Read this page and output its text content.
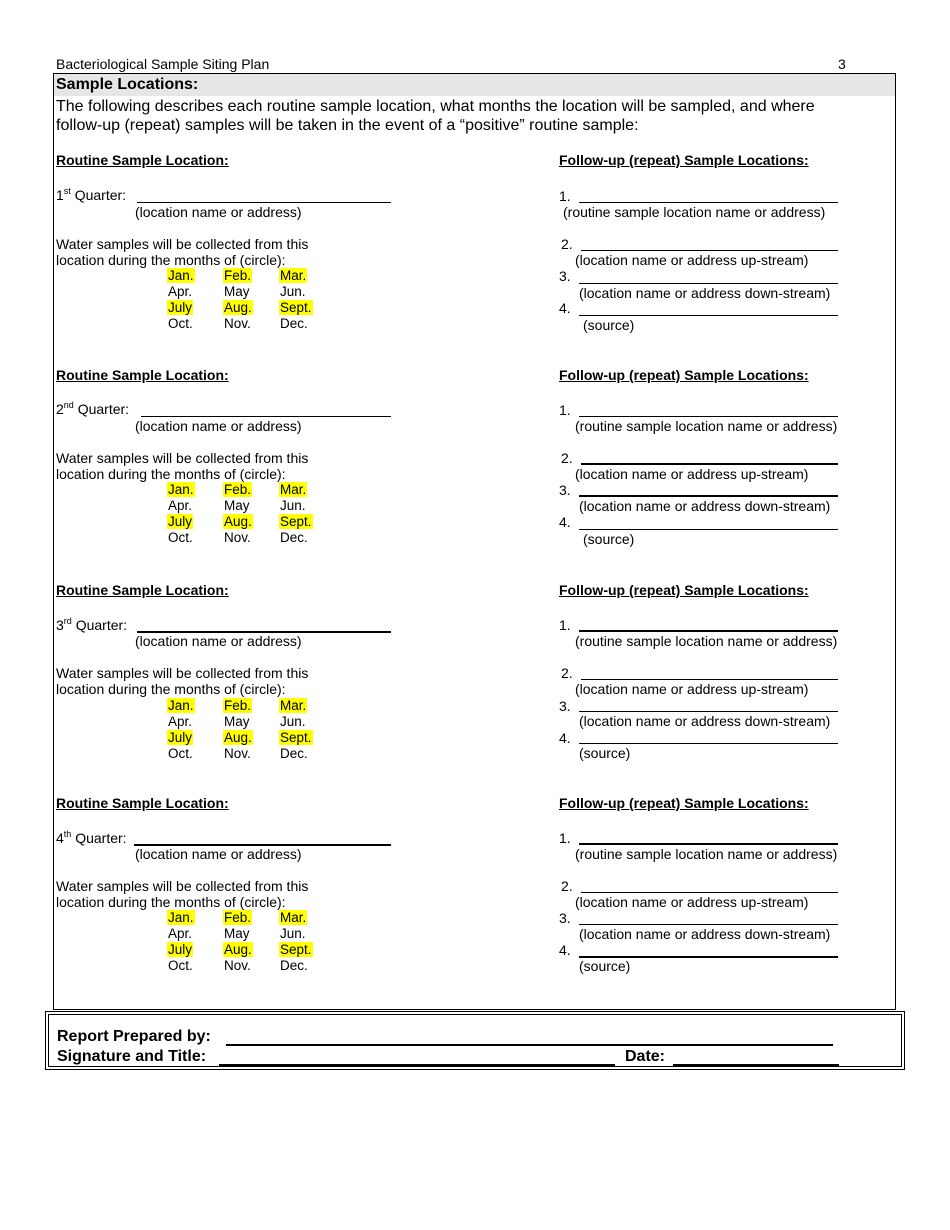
Bacteriological Sample Siting Plan	3
Sample Locations:
The following describes each routine sample location, what months the location will be sampled, and where
follow-up (repeat) samples will be taken in the event of a “positive” routine sample:
Routine Sample Location:
1st Quarter:
(location name or address)
Water samples will be collected from this
location during the months of (circle):
Jan. Feb. Mar.
Apr. May Jun.
July Aug. Sept.
Oct. Nov. Dec.
Follow-up (repeat) Sample Locations:
1.
(routine sample location name or address)
2.
(location name or address up-stream)
3.
(location name or address down-stream)
4.
(source)
Routine Sample Location:
2nd Quarter:
(location name or address)
Water samples will be collected from this
location during the months of (circle):
Jan. Feb. Mar.
Apr. May Jun.
July Aug. Sept.
Oct. Nov. Dec.
Follow-up (repeat) Sample Locations:
1.
(routine sample location name or address)
2.
(location name or address up-stream)
3.
(location name or address down-stream)
4.
(source)
Routine Sample Location:
3rd Quarter:
(location name or address)
Water samples will be collected from this
location during the months of (circle):
Jan. Feb. Mar.
Apr. May Jun.
July Aug. Sept.
Oct. Nov. Dec.
Follow-up (repeat) Sample Locations:
1.
(routine sample location name or address)
2.
(location name or address up-stream)
3.
(location name or address down-stream)
4.
(source)
Routine Sample Location:
4th Quarter:
(location name or address)
Water samples will be collected from this
location during the months of (circle):
Jan. Feb. Mar.
Apr. May Jun.
July Aug. Sept.
Oct. Nov. Dec.
Follow-up (repeat) Sample Locations:
1.
(routine sample location name or address)
2.
(location name or address up-stream)
3.
(location name or address down-stream)
4.
(source)
Report Prepared by:
Signature and Title:	Date:
